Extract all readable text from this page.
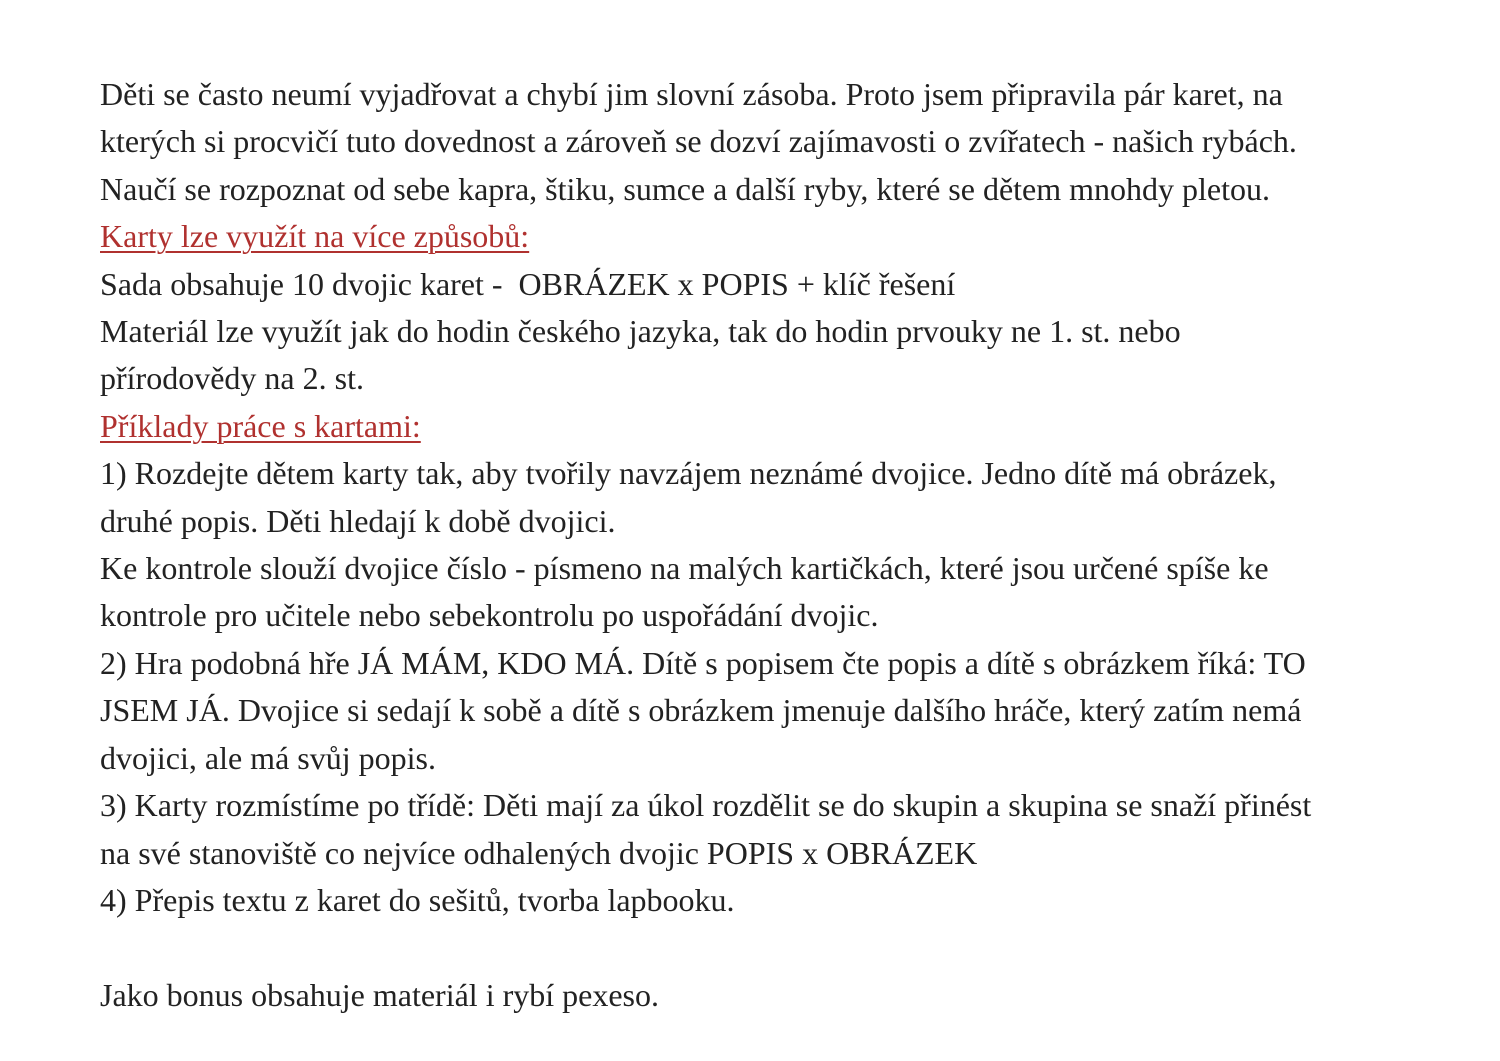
Děti se často neumí vyjadřovat a chybí jim slovní zásoba. Proto jsem připravila pár karet, na
kterých si procvičí tuto dovednost a zároveň se dozví zajímavosti o zvířatech - našich rybách.
Naučí se rozpoznat od sebe kapra, štiku, sumce a další ryby, které se dětem mnohdy pletou.
Karty lze využít na více způsobů:
Sada obsahuje 10 dvojic karet -  OBRÁZEK x POPIS + klíč řešení
Materiál lze využít jak do hodin českého jazyka, tak do hodin prvouky ne 1. st. nebo
přírodovědy na 2. st.
Příklady práce s kartami:
1) Rozdejte dětem karty tak, aby tvořily navzájem neznámé dvojice. Jedno dítě má obrázek,
druhé popis. Děti hledají k době dvojici.
Ke kontrole slouží dvojice číslo - písmeno na malých kartičkách, které jsou určené spíše ke
kontrole pro učitele nebo sebekontrolu po uspořádání dvojic.
2) Hra podobná hře JÁ MÁM, KDO MÁ. Dítě s popisem čte popis a dítě s obrázkem říká: TO
JSEM JÁ. Dvojice si sedají k sobě a dítě s obrázkem jmenuje dalšího hráče, který zatím nemá
dvojici, ale má svůj popis.
3) Karty rozmístíme po třídě: Děti mají za úkol rozdělit se do skupin a skupina se snaží přinést
na své stanoviště co nejvíce odhalených dvojic POPIS x OBRÁZEK
4) Přepis textu z karet do sešitů, tvorba lapbooku.
Jako bonus obsahuje materiál i rybí pexeso.
